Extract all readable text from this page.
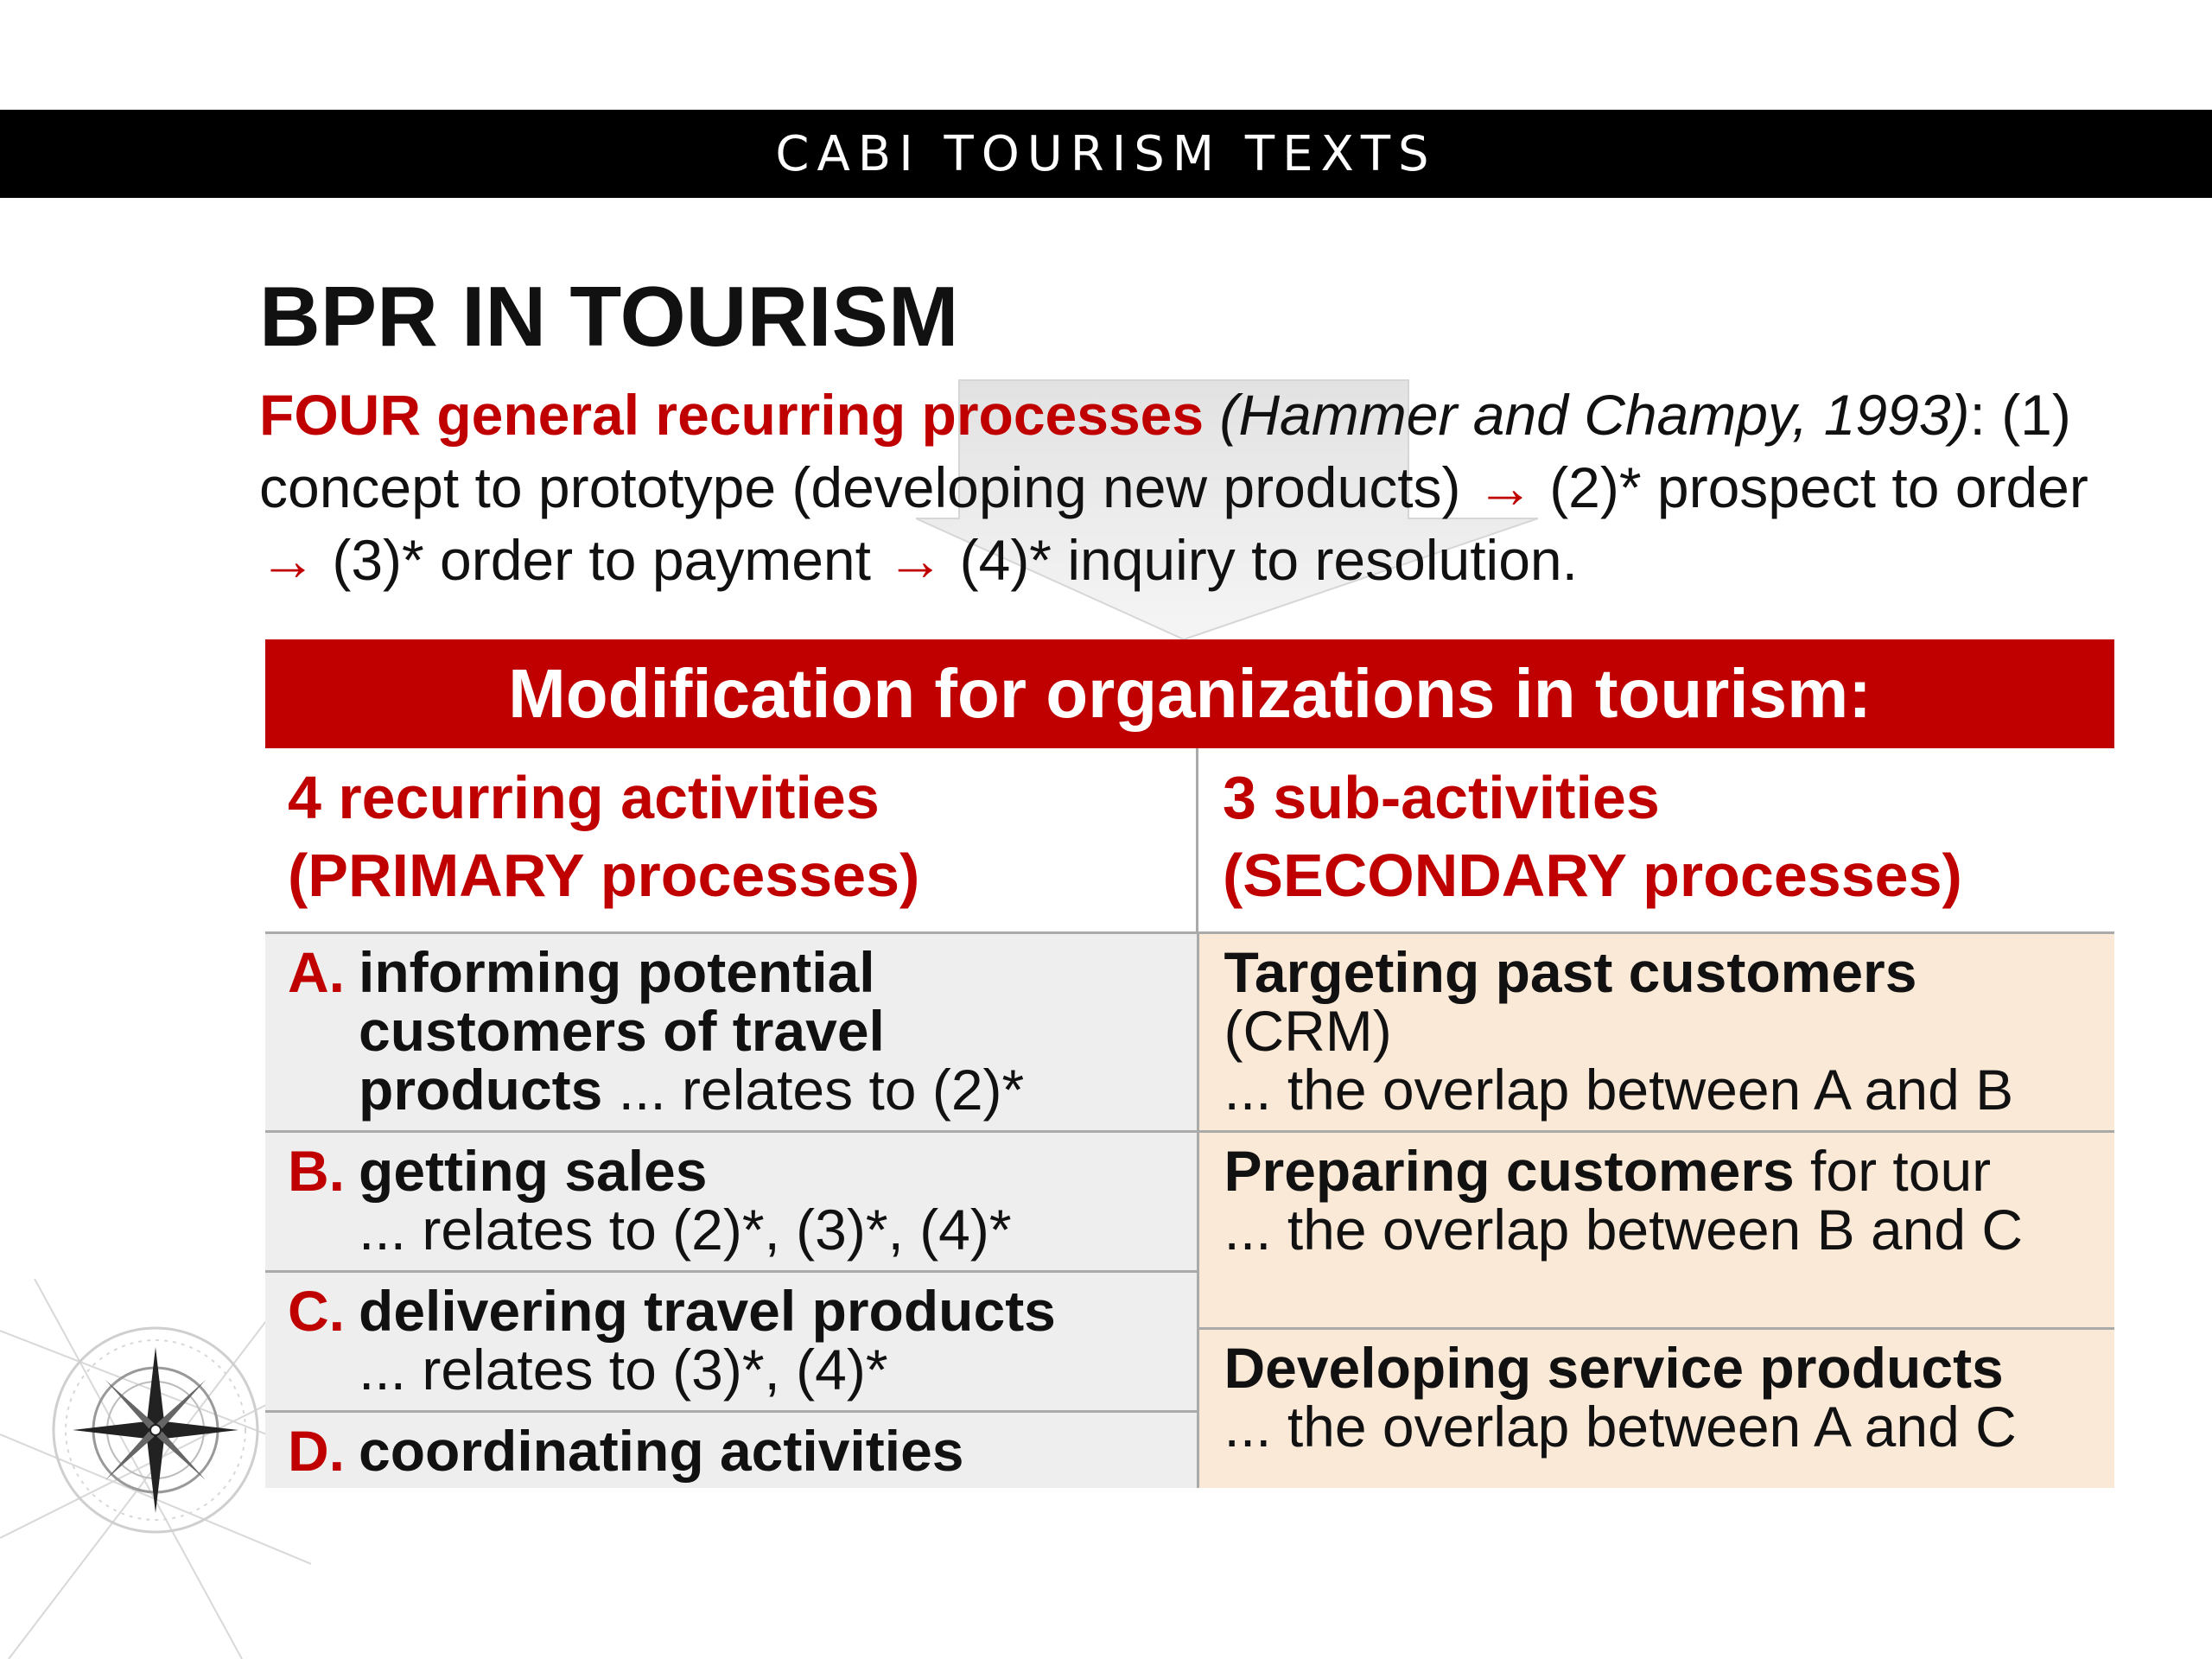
CABI TOURISM TEXTS
BPR IN TOURISM

FOUR general recurring processes (Hammer and Champy, 1993): (1) concept to prototype (developing new products) → (2)* prospect to order → (3)* order to payment → (4)* inquiry to resolution.

Modification for organizations in tourism:
4 recurring activities
(PRIMARY processes)
3 sub-activities
(SECONDARY processes)
A. informing potential
customers of travel
products ... relates to (2)*
B. getting sales
... relates to (2)*, (3)*, (4)*
C. delivering travel products
... relates to (3)*, (4)*
D. coordinating activities
Targeting past customers
(CRM)
... the overlap between A and B
Preparing customers for tour
... the overlap between B and C
Developing service products
... the overlap between A and C
